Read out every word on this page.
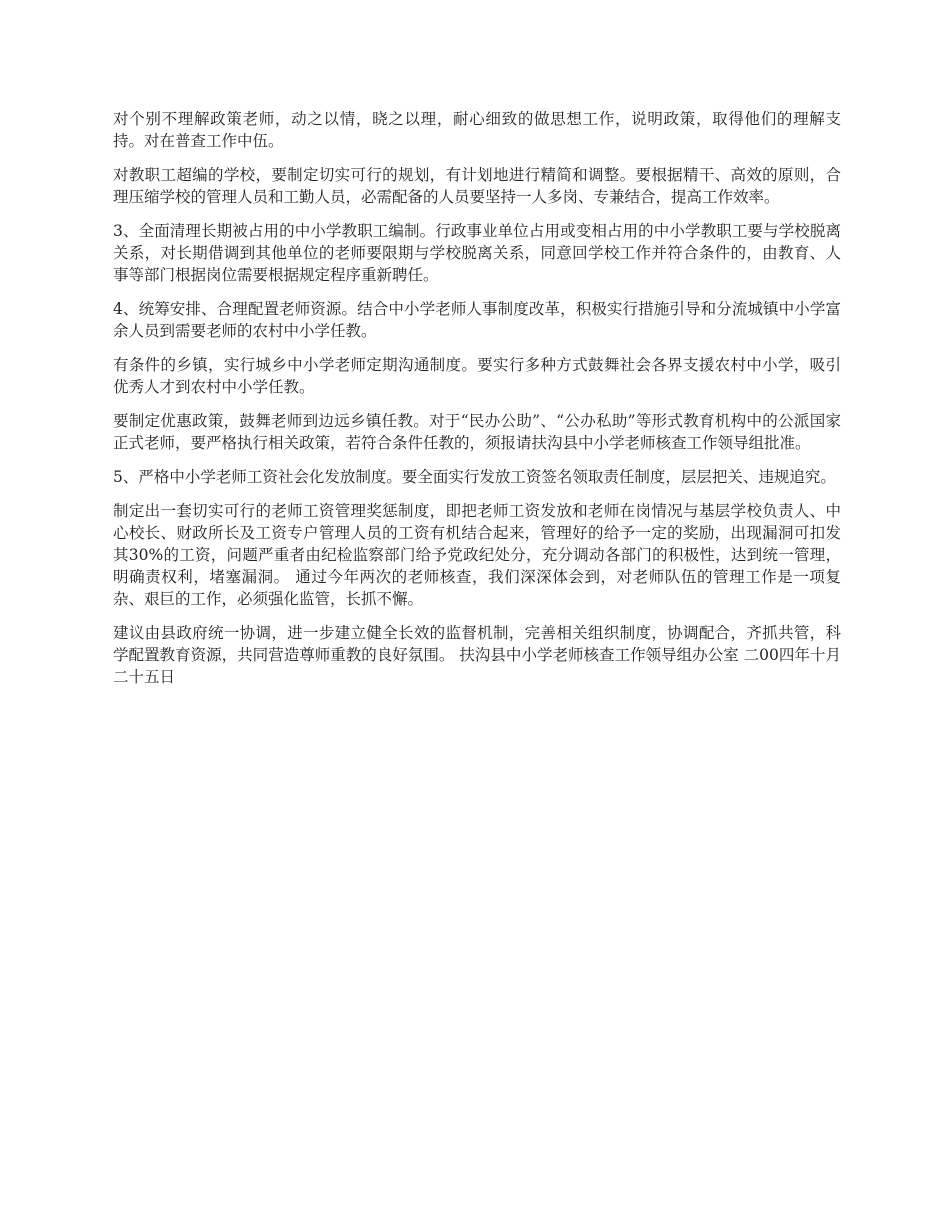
对个别不理解政策老师，动之以情，晓之以理，耐心细致的做思想工作，说明政策，取得他们的理解支持。对在普查工作中伍。

对教职工超编的学校，要制定切实可行的规划，有计划地进行精简和调整。要根据精干、高效的原则，合理压缩学校的管理人员和工勤人员，必需配备的人员要坚持一人多岗、专兼结合，提高工作效率。

3、全面清理长期被占用的中小学教职工编制。行政事业单位占用或变相占用的中小学教职工要与学校脱离关系，对长期借调到其他单位的老师要限期与学校脱离关系，同意回学校工作并符合条件的，由教育、人事等部门根据岗位需要根据规定程序重新聘任。

4、统筹安排、合理配置老师资源。结合中小学老师人事制度改革，积极实行措施引导和分流城镇中小学富余人员到需要老师的农村中小学任教。

有条件的乡镇，实行城乡中小学老师定期沟通制度。要实行多种方式鼓舞社会各界支援农村中小学，吸引优秀人才到农村中小学任教。

要制定优惠政策，鼓舞老师到边远乡镇任教。对于“民办公助”、“公办私助”等形式教育机构中的公派国家正式老师，要严格执行相关政策，若符合条件任教的，须报请扶沟县中小学老师核查工作领导组批准。

5、严格中小学老师工资社会化发放制度。要全面实行发放工资签名领取责任制度，层层把关、违规追究。

制定出一套切实可行的老师工资管理奖惩制度，即把老师工资发放和老师在岗情况与基层学校负责人、中心校长、财政所长及工资专户管理人员的工资有机结合起来，管理好的给予一定的奖励，出现漏洞可扣发其30%的工资，问题严重者由纪检监察部门给予党政纪处分，充分调动各部门的积极性，达到统一管理，明确责权利，堵塞漏洞。 通过今年两次的老师核查，我们深深体会到，对老师队伍的管理工作是一项复杂、艰巨的工作，必须强化监管，长抓不懈。

建议由县政府统一协调，进一步建立健全长效的监督机制，完善相关组织制度，协调配合，齐抓共管，科学配置教育资源，共同营造尊师重教的良好氛围。 扶沟县中小学老师核查工作领导组办公室 二00四年十月二十五日
